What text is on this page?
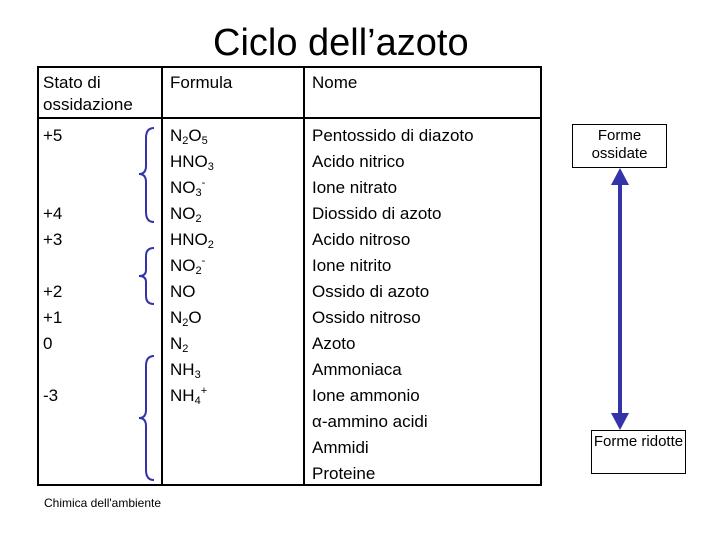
Ciclo dell’azoto
Stato di
ossidazione
Formula	Nome
+5
+4
+3
+2
+1
0
-3
$N_2O_5$
$HNO_3$
$NO_3^-$
$NO_2$
$HNO_2$
$NO_2^-$
NO
$N_2O$
$N_2$
$NH_3$
$NH_4^+$
Pentossido di diazoto
Acido nitrico
Ione nitrato
Diossido di azoto
Acido nitroso
Ione nitrito
Ossido di azoto
Ossido nitroso
Azoto
Ammoniaca
Ione ammonio
α-ammino acidi
Ammidi
Proteine
Forme ossidate
Forme ridotte
Chimica dell'ambiente
